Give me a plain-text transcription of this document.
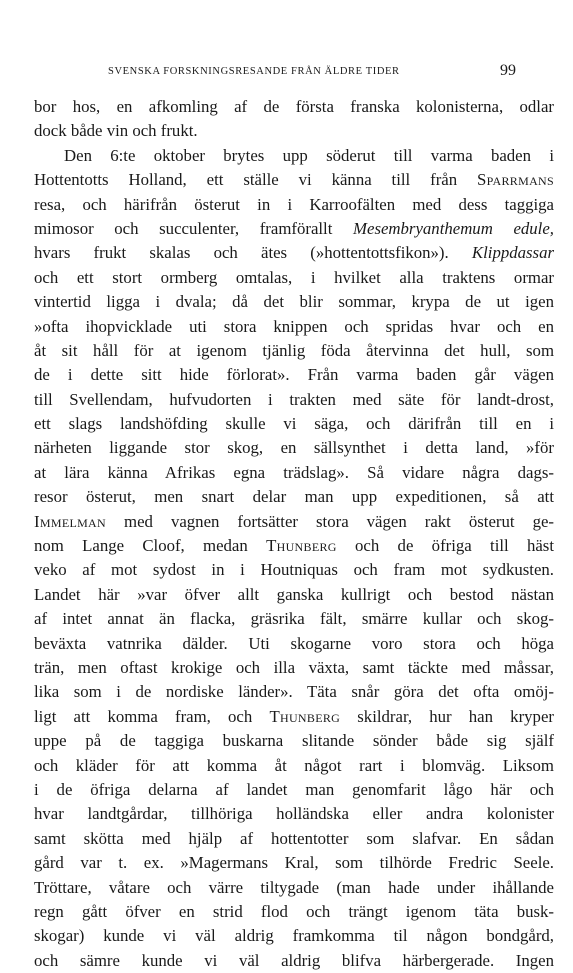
SVENSKA FORSKNINGSRESANDE FRÅN ÄLDRE TIDER	99
bor hos, en afkomling af de första franska kolonisterna, odlar
dock både vin och frukt.
Den 6:te oktober brytes upp söderut till varma baden i
Hottentotts Holland, ett ställe vi känna till från Sparrmans
resa, och härifrån österut in i Karroofälten med dess taggiga
mimosor och succulenter, framförallt Mesembryanthemum edule,
hvars frukt skalas och ätes (»hottentottsfikon»). Klippdassar
och ett stort ormberg omtalas, i hvilket alla traktens ormar
vintertid ligga i dvala; då det blir sommar, krypa de ut igen
»ofta ihopvicklade uti stora knippen och spridas hvar och en
åt sit håll för at igenom tjänlig föda återvinna det hull, som
de i dette sitt hide förlorat». Från varma baden går vägen
till Svellendam, hufvudorten i trakten med säte för landt-drost,
ett slags landshöfding skulle vi säga, och därifrån till en i
närheten liggande stor skog, en sällsynthet i detta land, »för
at lära känna Afrikas egna trädslag». Så vidare några dags-
resor österut, men snart delar man upp expeditionen, så att
Immelman med vagnen fortsätter stora vägen rakt österut ge-
nom Lange Cloof, medan Thunberg och de öfriga till häst
veko af mot sydost in i Houtniquas och fram mot sydkusten.
Landet här »var öfver allt ganska kullrigt och bestod nästan
af intet annat än flacka, gräsrika fält, smärre kullar och skog-
beväxta vatnrika dälder. Uti skogarne voro stora och höga
trän, men oftast krokige och illa växta, samt täckte med måssar,
lika som i de nordiske länder». Täta snår göra det ofta omöj-
ligt att komma fram, och Thunberg skildrar, hur han kryper
uppe på de taggiga buskarna slitande sönder både sig själf
och kläder för att komma åt något rart i blomväg. Liksom
i de öfriga delarna af landet man genomfarit lågo här och
hvar landtgårdar, tillhöriga holländska eller andra kolonister
samt skötta med hjälp af hottentotter som slafvar. En sådan
gård var t. ex. »Magermans Kral, som tilhörde Fredric Seele.
Tröttare, våtare och värre tiltygade (man hade under ihållande
regn gått öfver en strid flod och trängt igenom täta busk-
skogar) kunde vi väl aldrig framkomma til någon bondgård,
och sämre kunde vi väl aldrig blifva härbergerade. Ingen
